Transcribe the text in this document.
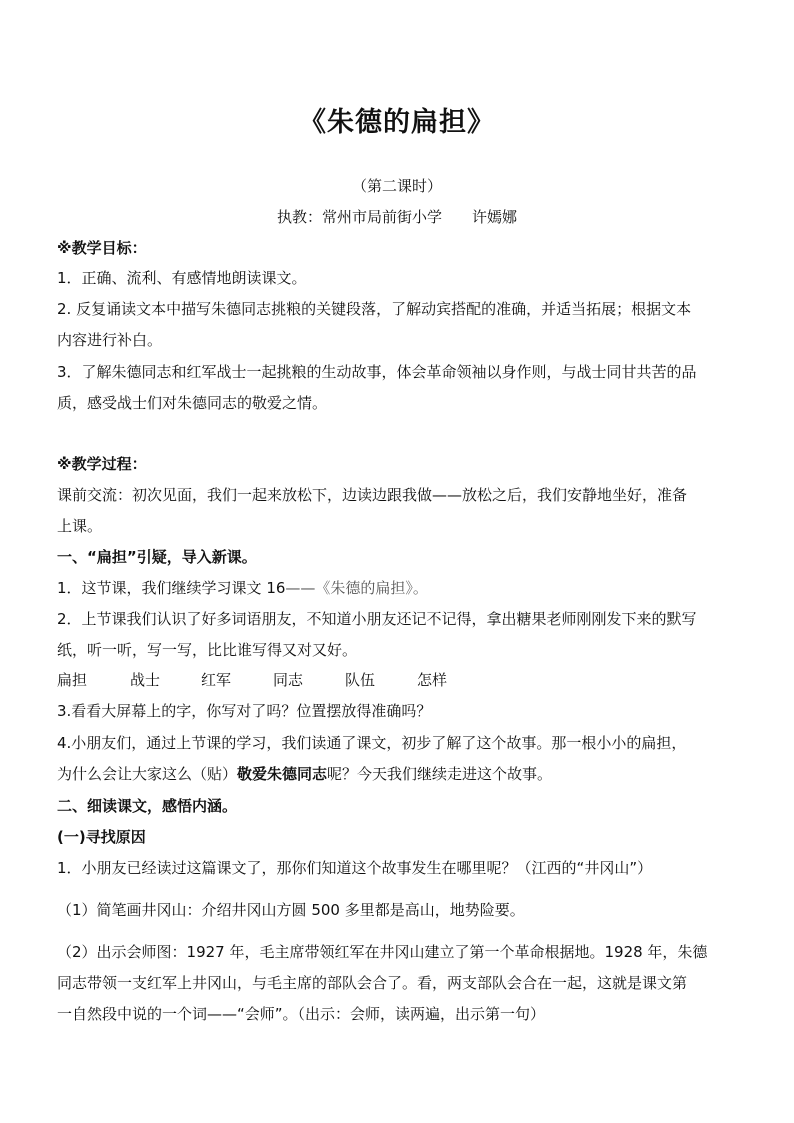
《朱德的扁担》
（第二课时）
执教：常州市局前街小学　　许嫣娜
※教学目标：
1．正确、流利、有感情地朗读课文。
2. 反复诵读文本中描写朱德同志挑粮的关键段落，了解动宾搭配的准确，并适当拓展；根据文本
内容进行补白。
3．了解朱德同志和红军战士一起挑粮的生动故事，体会革命领袖以身作则，与战士同甘共苦的品
质，感受战士们对朱德同志的敬爱之情。
※教学过程：
课前交流：初次见面，我们一起来放松下，边读边跟我做——放松之后，我们安静地坐好，准备
上课。
一、“扁担”引疑，导入新课。
1．这节课，我们继续学习课文 16——《朱德的扁担》。
2．上节课我们认识了好多词语朋友，不知道小朋友还记不记得，拿出糖果老师刚刚发下来的默写
纸，听一听，写一写，比比谁写得又对又好。
扁担	战士	红军	同志	队伍	怎样
3.看看大屏幕上的字，你写对了吗？位置摆放得准确吗？
4.小朋友们，通过上节课的学习，我们读通了课文，初步了解了这个故事。那一根小小的扁担，
为什么会让大家这么（贴）敬爱朱德同志呢？今天我们继续走进这个故事。
二、细读课文，感悟内涵。
(一)寻找原因
1．小朋友已经读过这篇课文了，那你们知道这个故事发生在哪里呢？（江西的“井冈山”）
（1）简笔画井冈山：介绍井冈山方圆 500 多里都是高山，地势险要。
（2）出示会师图：1927 年，毛主席带领红军在井冈山建立了第一个革命根据地。1928 年，朱德
同志带领一支红军上井冈山，与毛主席的部队会合了。看，两支部队会合在一起，这就是课文第
一自然段中说的一个词——“会师”。（出示：会师，读两遍，出示第一句）
